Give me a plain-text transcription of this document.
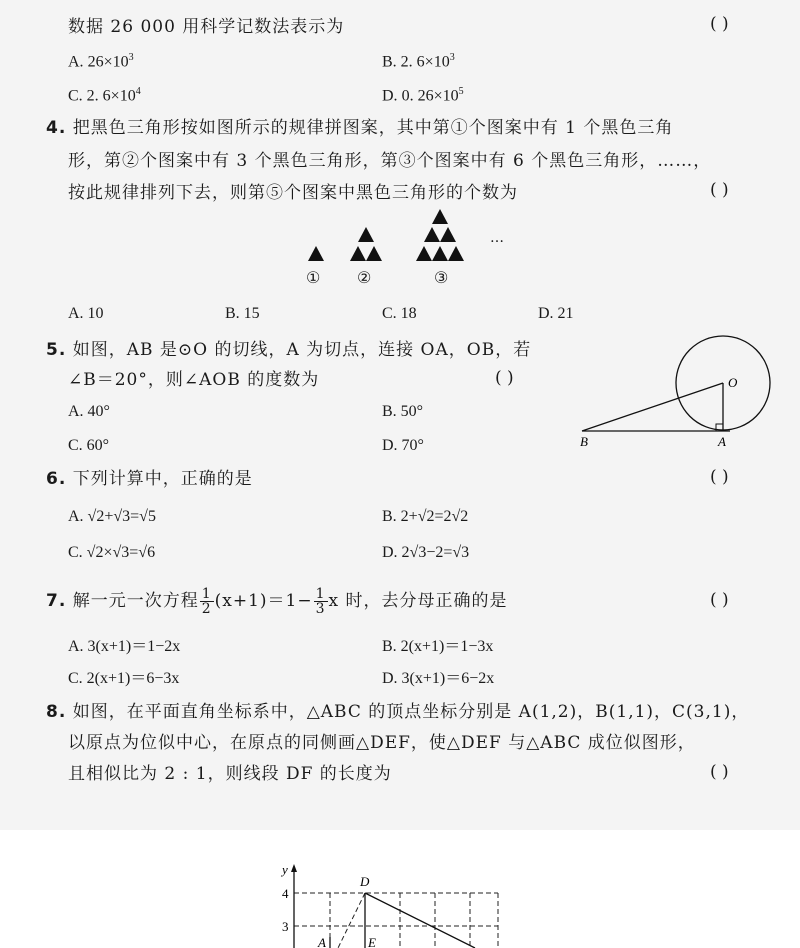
数据 26 000 用科学记数法表示为	( )
A. $26\times 10^3$	B. 2. $6\times 10^3$
C. 2. $6\times 10^4$	D. 0. $26\times 10^5$
4. 把黑色三角形按如图所示的规律拼图案，其中第①个图案中有 1 个黑色三角
形，第②个图案中有 3 个黑色三角形，第③个图案中有 6 个黑色三角形，……，
按此规律排列下去，则第⑤个图案中黑色三角形的个数为	( )
…
① ②	③
A. 10	B. 15	C. 18	D. 21
5. 如图，AB 是⊙O 的切线，A 为切点，连接 OA，OB，若
∠B＝20°，则∠AOB 的度数为	( )
A. 40°	B. 50°
C. 60°	D. 70°
O
A
B
6. 下列计算中，正确的是	( )
A. √2+√3=√5	B. 2+√2=2√2
C. √2×√3=√6	D. 2√3−2=√3
7. 解一元一次方程 $\frac{1}{2} (x+1)=1- \frac{1}{3}$ x 时，去分母正确的是	( )
A. 3(x+1)＝1−2x	B. 2(x+1)＝1−3x
C. 2(x+1)＝6−3x	D. 3(x+1)＝6−2x
8. 如图，在平面直角坐标系中，△ABC 的顶点坐标分别是 A(1,2)，B(1,1)，C(3,1)，
以原点为位似中心，在原点的同侧画△DEF，使△DEF 与△ABC 成位似图形，
且相似比为 2 : 1，则线段 DF 的长度为	( )
y
4
3
D
E
A
